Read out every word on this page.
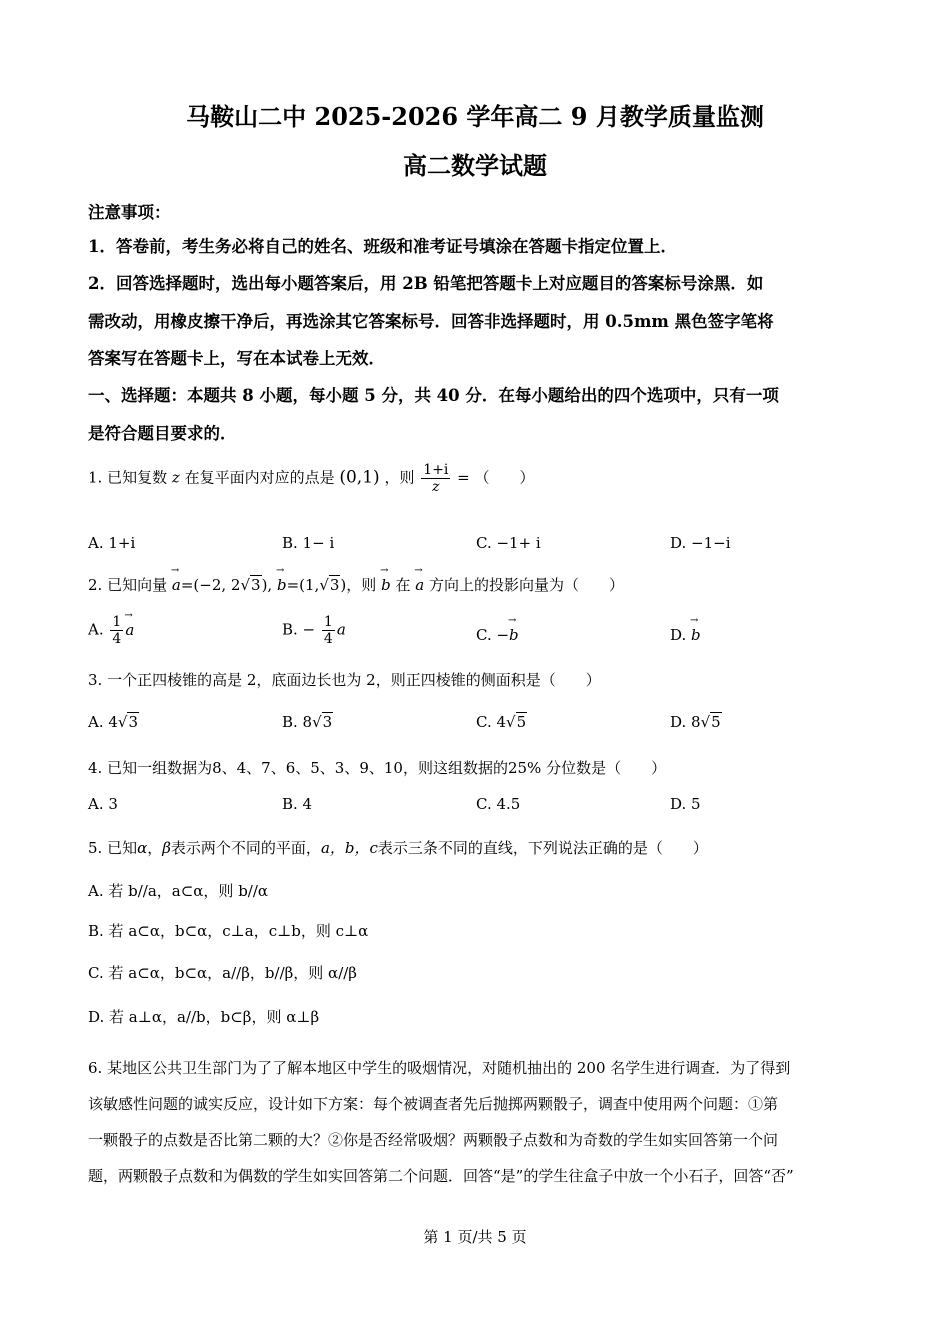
马鞍山二中 2025-2026 学年高二 9 月教学质量监测
高二数学试题
注意事项：
1．答卷前，考生务必将自己的姓名、班级和准考证号填涂在答题卡指定位置上．
2．回答选择题时，选出每小题答案后，用 2B 铅笔把答题卡上对应题目的答案标号涂黑．如
需改动，用橡皮擦干净后，再选涂其它答案标号．回答非选择题时，用 0.5mm 黑色签字笔将
答案写在答题卡上，写在本试卷上无效．
一、选择题：本题共 8 小题，每小题 5 分，共 40 分．在每小题给出的四个选项中，只有一项
是符合题目要求的．
1. 已知复数 z 在复平面内对应的点是 (0,1) ，则 $\frac{1+i}{z}$ = （　　）
A. 1+i	B. 1− i	C. −1+ i	D. −1−i
2. 已知向量 → a=(−2, 2√3), → b=(1,√3)，则 → b 在 → a 方向上的投影向量为（　　）
A. $\frac{1}{4}$
→ a	B. − $\frac{1}{4}$ a	C. −→ b	D. → b
3. 一个正四棱锥的高是 2，底面边长也为 2，则正四棱锥的侧面积是（　　）
A. 4√3	B. 8√3	C. 4√5	D. 8√5
4. 已知一组数据为8、4、7、6、5、3、9、10，则这组数据的25% 分位数是（　　）
A. 3	B. 4	C. 4.5	D. 5
5. 已知α，β表示两个不同的平面，a，b，c表示三条不同的直线，下列说法正确的是（　　）
A. 若 b//a，a⊂α，则 b//α
B. 若 a⊂α，b⊂α，c⊥a，c⊥b，则 c⊥α
C. 若 a⊂α，b⊂α，a//β，b//β，则 α//β
D. 若 a⊥α，a//b，b⊂β，则 α⊥β
6. 某地区公共卫生部门为了了解本地区中学生的吸烟情况，对随机抽出的 200 名学生进行调查．为了得到
该敏感性问题的诚实反应，设计如下方案：每个被调查者先后抛掷两颗骰子，调查中使用两个问题：①第
一颗骰子的点数是否比第二颗的大？②你是否经常吸烟？两颗骰子点数和为奇数的学生如实回答第一个问
题，两颗骰子点数和为偶数的学生如实回答第二个问题．回答“是”的学生往盒子中放一个小石子，回答“否”
第 1 页/共 5 页
